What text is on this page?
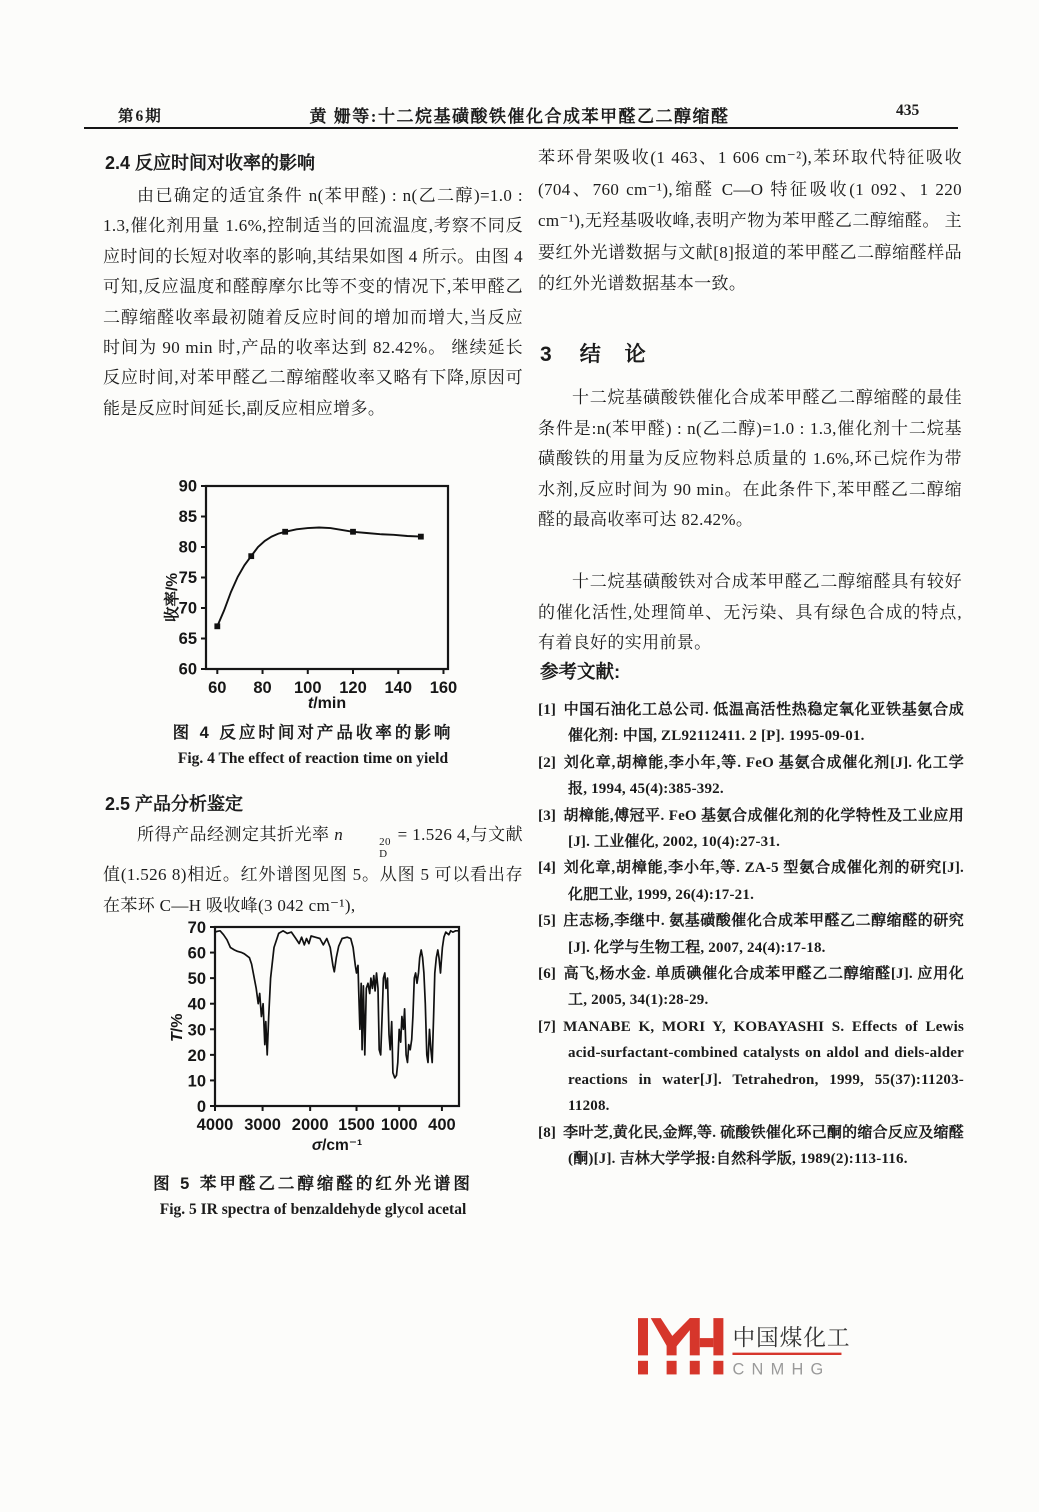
第6期	黄 姗等:十二烷基磺酸铁催化合成苯甲醛乙二醇缩醛	435
2.4 反应时间对收率的影响
由已确定的适宜条件 n(苯甲醛) : n(乙二醇)=1.0 : 1.3,催化剂用量 1.6%,控制适当的回流温度,考察不同反应时间的长短对收率的影响,其结果如图 4 所示。由图 4 可知,反应温度和醛醇摩尔比等不变的情况下,苯甲醛乙二醇缩醛收率最初随着反应时间的增加而增大,当反应时间为 90 min 时,产品的收率达到 82.42%。 继续延长反应时间,对苯甲醛乙二醇缩醛收率又略有下降,原因可能是反应时间延长,副反应相应增多。
60 80 100 120 140 160
60
65
70
75
80
85
90
收率/%
t/min
图 4 反应时间对产品收率的影响
Fig. 4 The effect of reaction time on yield
2.5 产品分析鉴定
所得产品经测定其折光率 n	20
D
= 1.526 4,与文献值(1.526 8)相近。红外谱图见图 5。从图 5 可以看出存在苯环 C—H 吸收峰(3 042 cm⁻¹),
4000 3000 2000 1500 1000 400
0
10
20
30
40
50
60
70
T/%
σ/cm⁻¹
图 5 苯甲醛乙二醇缩醛的红外光谱图
Fig. 5 IR spectra of benzaldehyde glycol acetal
苯环骨架吸收(1 463、1 606 cm⁻²),苯环取代特征吸收(704、760 cm⁻¹),缩醛 C—O 特征吸收(1 092、1 220 cm⁻¹),无羟基吸收峰,表明产物为苯甲醛乙二醇缩醛。 主要红外光谱数据与文献[8]报道的苯甲醛乙二醇缩醛样品的红外光谱数据基本一致。
3 结论
十二烷基磺酸铁催化合成苯甲醛乙二醇缩醛的最佳条件是:n(苯甲醛) : n(乙二醇)=1.0 : 1.3,催化剂十二烷基磺酸铁的用量为反应物料总质量的 1.6%,环己烷作为带水剂,反应时间为 90 min。在此条件下,苯甲醛乙二醇缩醛的最高收率可达 82.42%。
十二烷基磺酸铁对合成苯甲醛乙二醇缩醛具有较好的催化活性,处理简单、无污染、具有绿色合成的特点,有着良好的实用前景。
参考文献:
[1] 中国石油化工总公司. 低温高活性热稳定氧化亚铁基氨合成催化剂: 中国, ZL92112411. 2 [P]. 1995-09-01.
[2] 刘化章,胡樟能,李小年,等. FeO 基氨合成催化剂[J]. 化工学报, 1994, 45(4):385-392.
[3] 胡樟能,傅冠平. FeO 基氨合成催化剂的化学特性及工业应用[J]. 工业催化, 2002, 10(4):27-31.
[4] 刘化章,胡樟能,李小年,等. ZA-5 型氨合成催化剂的研究[J]. 化肥工业, 1999, 26(4):17-21.
[5] 庄志杨,李继中. 氨基磺酸催化合成苯甲醛乙二醇缩醛的研究[J]. 化学与生物工程, 2007, 24(4):17-18.
[6] 高飞,杨水金. 单质碘催化合成苯甲醛乙二醇缩醛[J]. 应用化工, 2005, 34(1):28-29.
[7] MANABE K, MORI Y, KOBAYASHI S. Effects of Lewis acid-surfactant-combined catalysts on aldol and diels-alder reactions in water[J]. Tetrahedron, 1999, 55(37):11203-11208.
[8] 李叶芝,黄化民,金辉,等. 硫酸铁催化环己酮的缩合反应及缩醛(酮)[J]. 吉林大学学报:自然科学版, 1989(2):113-116.
中国煤化工
CNMHG
